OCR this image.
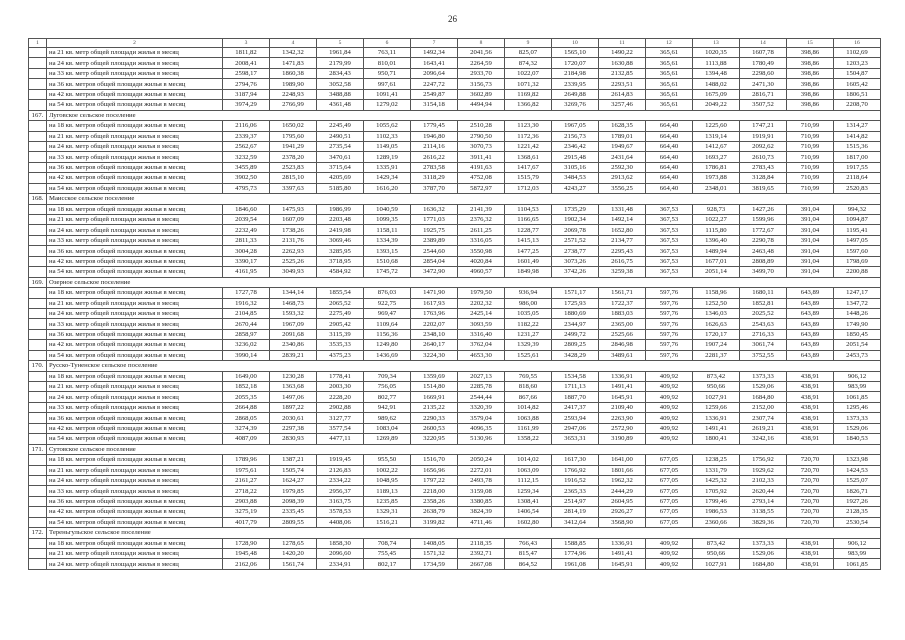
26
1	2	3	4	5	6	7	8	9	10	11	12	13	14	15	16
	на 21 кв. метр общей площади жилья в месяц	1811,82	1342,32	1961,84	763,11	1492,34	2041,56	825,07	1565,10	1490,22	365,61	1020,35	1607,78	398,86	1102,69
	на 24 кв. метр общей площади жилья в месяц	2008,41	1471,83	2179,99	810,01	1643,41	2264,59	874,32	1720,07	1630,88	365,61	1113,88	1780,49	398,86	1203,23
	на 33 кв. метр общей площади жилья в месяц	2598,17	1860,38	2834,43	950,71	2096,64	2933,70	1022,07	2184,98	2132,85	365,61	1394,48	2298,60	398,86	1504,87
	на 36 кв. метров общей площади жилья в месяц	2794,76	1989,90	3052,58	997,61	2247,72	3156,73	1071,32	2339,95	2293,51	365,61	1488,02	2471,30	398,86	1605,42
	на 42 кв. метров общей площади жилья в месяц	3187,94	2248,93	3488,88	1091,41	2549,87	3602,89	1169,82	2649,88	2614,83	365,61	1675,09	2816,71	398,86	1806,51
	на 54 кв. метров общей площади жилья в месяц	3974,29	2766,99	4361,48	1279,02	3154,18	4494,94	1366,82	3269,76	3257,46	365,61	2049,22	3507,52	398,86	2208,70
167.	Луговское сельское поселение														
	на 18 кв. метров общей площади жилья в месяц	2116,06	1650,02	2245,49	1055,62	1779,45	2510,28	1123,30	1967,05	1628,35	664,40	1225,60	1747,21	710,99	1314,27
	на 21 кв. метр общей площади жилья в месяц	2339,37	1795,60	2490,51	1102,33	1946,80	2790,50	1172,36	2156,73	1789,01	664,40	1319,14	1919,91	710,99	1414,82
	на 24 кв. метр общей площади жилья в месяц	2562,67	1941,29	2735,54	1149,05	2114,16	3070,73	1221,42	2346,42	1949,67	664,40	1412,67	2092,62	710,99	1515,36
	на 33 кв. метр общей площади жилья в месяц	3232,59	2378,20	3470,61	1289,19	2616,22	3911,41	1368,61	2915,48	2431,64	664,40	1693,27	2610,73	710,99	1817,00
	на 36 кв. метров общей площади жилья в месяц	3455,89	2523,83	3715,64	1335,91	2783,58	4191,63	1417,67	3105,16	2592,30	664,40	1786,81	2783,43	710,99	1917,55
	на 42 кв. метров общей площади жилья в месяц	3902,50	2815,10	4205,69	1429,34	3118,29	4752,08	1515,79	3484,53	2913,62	664,40	1973,88	3128,84	710,99	2118,64
	на 54 кв. метров общей площади жилья в месяц	4795,73	3397,63	5185,80	1616,20	3787,70	5872,97	1712,03	4243,27	3556,25	664,40	2348,01	3819,65	710,99	2520,83
168.	Маисское сельское поселение														
	на 18 кв. метров общей площади жилья в месяц	1846,60	1475,93	1986,99	1040,59	1636,32	2141,39	1104,53	1735,29	1331,48	367,53	928,73	1427,26	391,04	994,32
	на 21 кв. метр общей площади жилья в месяц	2039,54	1607,09	2203,48	1099,35	1771,03	2376,32	1166,65	1902,34	1492,14	367,53	1022,27	1599,96	391,04	1094,87
	на 24 кв. метр общей площади жилья в месяц	2232,49	1738,26	2419,98	1158,11	1925,75	2611,25	1228,77	2069,78	1652,80	367,53	1115,80	1772,67	391,04	1195,41
	на 33 кв. метр общей площади жилья в месяц	2811,33	2131,76	3069,46	1334,39	2389,89	3316,05	1415,13	2571,52	2134,77	367,53	1396,40	2290,78	391,04	1497,05
	на 36 кв. метров общей площади жилья в месяц	3004,28	2262,93	3285,95	1393,15	2544,60	3550,98	1477,25	2738,77	2295,43	367,53	1489,94	2463,48	391,04	1597,60
	на 42 кв. метров общей площади жилья в месяц	3390,17	2525,26	3718,95	1510,68	2854,04	4020,84	1601,49	3073,26	2616,75	367,53	1677,01	2808,89	391,04	1798,69
	на 54 кв. метров общей площади жилья в месяц	4161,95	3049,93	4584,92	1745,72	3472,90	4960,57	1849,98	3742,26	3259,38	367,53	2051,14	3499,70	391,04	2200,88
169.	Озерное сельское поселение														
	на 18 кв. метров общей площади жилья в месяц	1727,78	1344,14	1855,54	876,03	1471,90	1979,50	936,94	1571,17	1561,71	597,76	1158,96	1680,11	643,89	1247,17
	на 21 кв. метр общей площади жилья в месяц	1916,32	1468,73	2065,52	922,75	1617,93	2202,32	986,00	1725,93	1722,37	597,76	1252,50	1852,81	643,89	1347,72
	на 24 кв. метр общей площади жилья в месяц	2104,85	1593,32	2275,49	969,47	1763,96	2425,14	1035,05	1880,69	1883,03	597,76	1346,03	2025,52	643,89	1448,26
	на 33 кв. метр общей площади жилья в месяц	2670,44	1967,09	2905,42	1109,64	2202,07	3093,59	1182,22	2344,97	2365,00	597,76	1626,63	2543,63	643,89	1749,90
	на 36 кв. метров общей площади жилья в месяц	2858,97	2091,68	3115,39	1156,36	2348,10	3316,40	1231,27	2499,72	2525,66	597,76	1720,17	2716,33	643,89	1850,45
	на 42 кв. метров общей площади жилья в месяц	3236,02	2340,86	3535,33	1249,80	2640,17	3762,04	1329,39	2809,25	2846,98	597,76	1907,24	3061,74	643,89	2051,54
	на 54 кв. метров общей площади жилья в месяц	3990,14	2839,21	4375,23	1436,69	3224,30	4653,30	1525,61	3428,29	3489,61	597,76	2281,37	3752,55	643,89	2453,73
170.	Русско-Туненское сельское поселение														
	на 18 кв. метров общей площади жилья в месяц	1649,00	1230,28	1778,41	709,34	1359,69	2027,13	769,55	1534,58	1336,91	409,92	873,42	1373,33	438,91	906,12
	на 21 кв. метр общей площади жилья в месяц	1852,18	1363,68	2003,30	756,05	1514,80	2285,78	818,60	1711,13	1491,41	409,92	950,66	1529,06	438,91	983,99
	на 24 кв. метр общей площади жилья в месяц	2055,35	1497,06	2228,20	802,77	1669,91	2544,44	867,66	1887,70	1645,91	409,92	1027,91	1684,80	438,91	1061,85
	на 33 кв. метр общей площади жилья в месяц	2664,88	1897,22	2902,88	942,91	2135,22	3320,39	1014,82	2417,37	2109,40	409,92	1259,66	2152,00	438,91	1295,46
	на 36 кв. метров общей площади жилья в месяц	2868,05	2030,61	3127,77	989,62	2290,33	3579,04	1063,88	2593,94	2263,90	409,92	1336,91	2307,74	438,91	1373,33
	на 42 кв. метров общей площади жилья в месяц	3274,39	2297,38	3577,54	1083,04	2600,53	4096,35	1161,99	2947,06	2572,90	409,92	1491,41	2619,21	438,91	1529,06
	на 54 кв. метров общей площади жилья в месяц	4087,09	2830,93	4477,11	1269,89	3220,95	5130,96	1358,22	3653,31	3190,89	409,92	1800,41	3242,16	438,91	1840,53
171.	Сутовское сельское поселение														
	на 18 кв. метров общей площади жилья в месяц	1789,96	1387,21	1919,45	955,50	1516,70	2050,24	1014,02	1617,30	1641,00	677,05	1238,25	1756,92	720,70	1323,98
	на 21 кв. метр общей площади жилья в месяц	1975,61	1505,74	2126,83	1002,22	1656,96	2272,01	1063,09	1766,92	1801,66	677,05	1331,79	1929,62	720,70	1424,53
	на 24 кв. метр общей площади жилья в месяц	2161,27	1624,27	2334,22	1048,95	1797,22	2493,78	1112,15	1916,52	1962,32	677,05	1425,32	2102,33	720,70	1525,07
	на 33 кв. метр общей площади жилья в месяц	2718,22	1979,85	2956,37	1189,13	2218,00	3159,08	1259,34	2365,33	2444,29	677,05	1705,92	2620,44	720,70	1826,71
	на 36 кв. метров общей площади жилья в месяц	2903,88	2098,39	3163,75	1235,85	2358,26	3380,85	1308,41	2514,97	2604,95	677,05	1799,46	2793,14	720,70	1927,26
	на 42 кв. метров общей площади жилья в месяц	3275,19	2335,45	3578,53	1329,31	2638,79	3824,39	1406,54	2814,19	2926,27	677,05	1986,53	3138,55	720,70	2128,35
	на 54 кв. метров общей площади жилья в месяц	4017,79	2809,55	4408,06	1516,21	3199,82	4711,46	1602,80	3412,64	3568,90	677,05	2360,66	3829,36	720,70	2530,54
172.	Тереньгульское сельское поселение														
	на 18 кв. метров общей площади жилья в месяц	1728,90	1278,65	1858,30	708,74	1408,05	2118,35	766,43	1588,85	1336,91	409,92	873,42	1373,33	438,91	906,12
	на 21 кв. метр общей площади жилья в месяц	1945,48	1420,20	2096,60	755,45	1571,32	2392,71	815,47	1774,96	1491,41	409,92	950,66	1529,06	438,91	983,99
	на 24 кв. метр общей площади жилья в месяц	2162,06	1561,74	2334,91	802,17	1734,59	2667,08	864,52	1961,08	1645,91	409,92	1027,91	1684,80	438,91	1061,85
